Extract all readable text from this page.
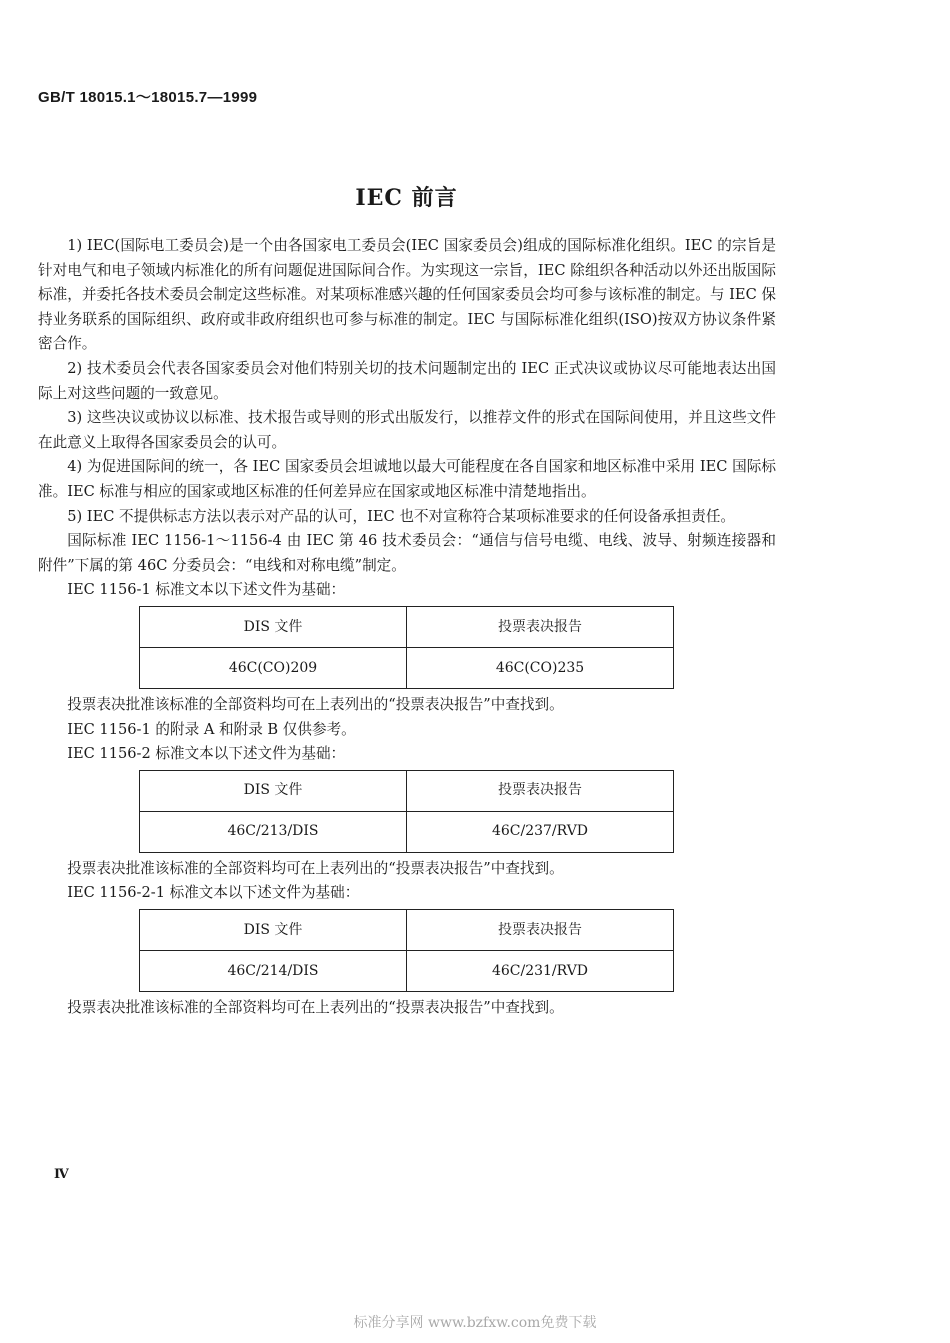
GB/T 18015.1～18015.7—1999
IEC 前言

1) IEC(国际电工委员会)是一个由各国家电工委员会(IEC 国家委员会)组成的国际标准化组织。IEC 的宗旨是针对电气和电子领域内标准化的所有问题促进国际间合作。为实现这一宗旨，IEC 除组织各种活动以外还出版国际标准，并委托各技术委员会制定这些标准。对某项标准感兴趣的任何国家委员会均可参与该标准的制定。与 IEC 保持业务联系的国际组织、政府或非政府组织也可参与标准的制定。IEC 与国际标准化组织(ISO)按双方协议条件紧密合作。

2) 技术委员会代表各国家委员会对他们特别关切的技术问题制定出的 IEC 正式决议或协议尽可能地表达出国际上对这些问题的一致意见。

3) 这些决议或协议以标准、技术报告或导则的形式出版发行，以推荐文件的形式在国际间使用，并且这些文件在此意义上取得各国家委员会的认可。

4) 为促进国际间的统一，各 IEC 国家委员会坦诚地以最大可能程度在各自国家和地区标准中采用 IEC 国际标准。IEC 标准与相应的国家或地区标准的任何差异应在国家或地区标准中清楚地指出。

5) IEC 不提供标志方法以表示对产品的认可，IEC 也不对宣称符合某项标准要求的任何设备承担责任。

国际标准 IEC 1156-1～1156-4 由 IEC 第 46 技术委员会：“通信与信号电缆、电线、波导、射频连接器和附件”下属的第 46C 分委员会：“电线和对称电缆”制定。

IEC 1156-1 标准文本以下述文件为基础：

DIS 文件	投票表决报告
46C(CO)209	46C(CO)235

投票表决批准该标准的全部资料均可在上表列出的“投票表决报告”中查找到。

IEC 1156-1 的附录 A 和附录 B 仅供参考。

IEC 1156-2 标准文本以下述文件为基础：

DIS 文件	投票表决报告
46C/213/DIS	46C/237/RVD

投票表决批准该标准的全部资料均可在上表列出的“投票表决报告”中查找到。

IEC 1156-2-1 标准文本以下述文件为基础：

DIS 文件	投票表决报告
46C/214/DIS	46C/231/RVD

投票表决批准该标准的全部资料均可在上表列出的“投票表决报告”中查找到。

Ⅳ
标准分享网 www.bzfxw.com免费下载
